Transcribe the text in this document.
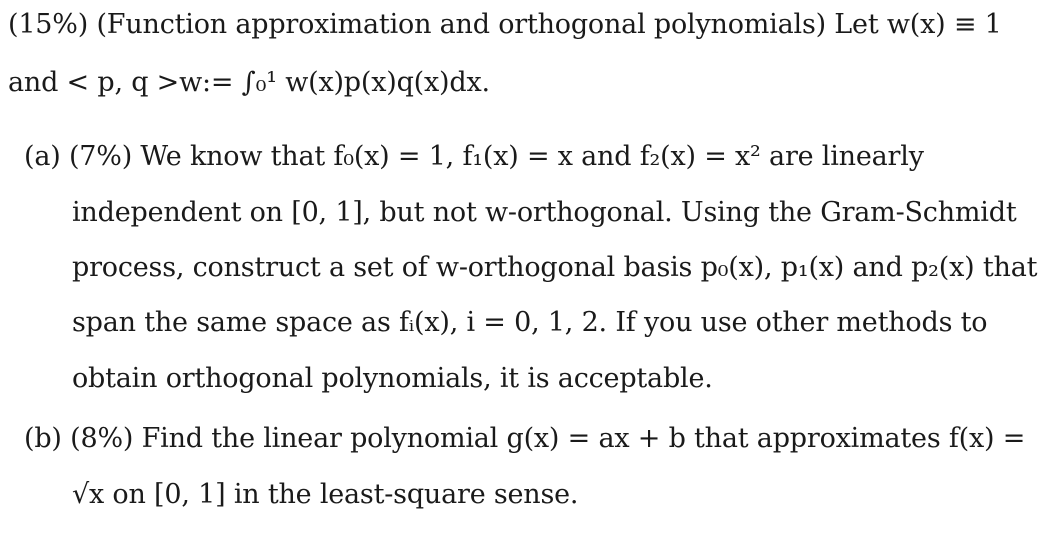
(15%) (Function approximation and orthogonal polynomials) Let w(x) ≡ 1
and < p, q >w:= ∫₀¹ w(x)p(x)q(x)dx.
(a) (7%) We know that f₀(x) = 1, f₁(x) = x and f₂(x) = x² are linearly
independent on [0, 1], but not w-orthogonal. Using the Gram-Schmidt
process, construct a set of w-orthogonal basis p₀(x), p₁(x) and p₂(x) that
span the same space as fᵢ(x), i = 0, 1, 2. If you use other methods to
obtain orthogonal polynomials, it is acceptable.
(b) (8%) Find the linear polynomial g(x) = ax + b that approximates f(x) =
√x on [0, 1] in the least-square sense.
